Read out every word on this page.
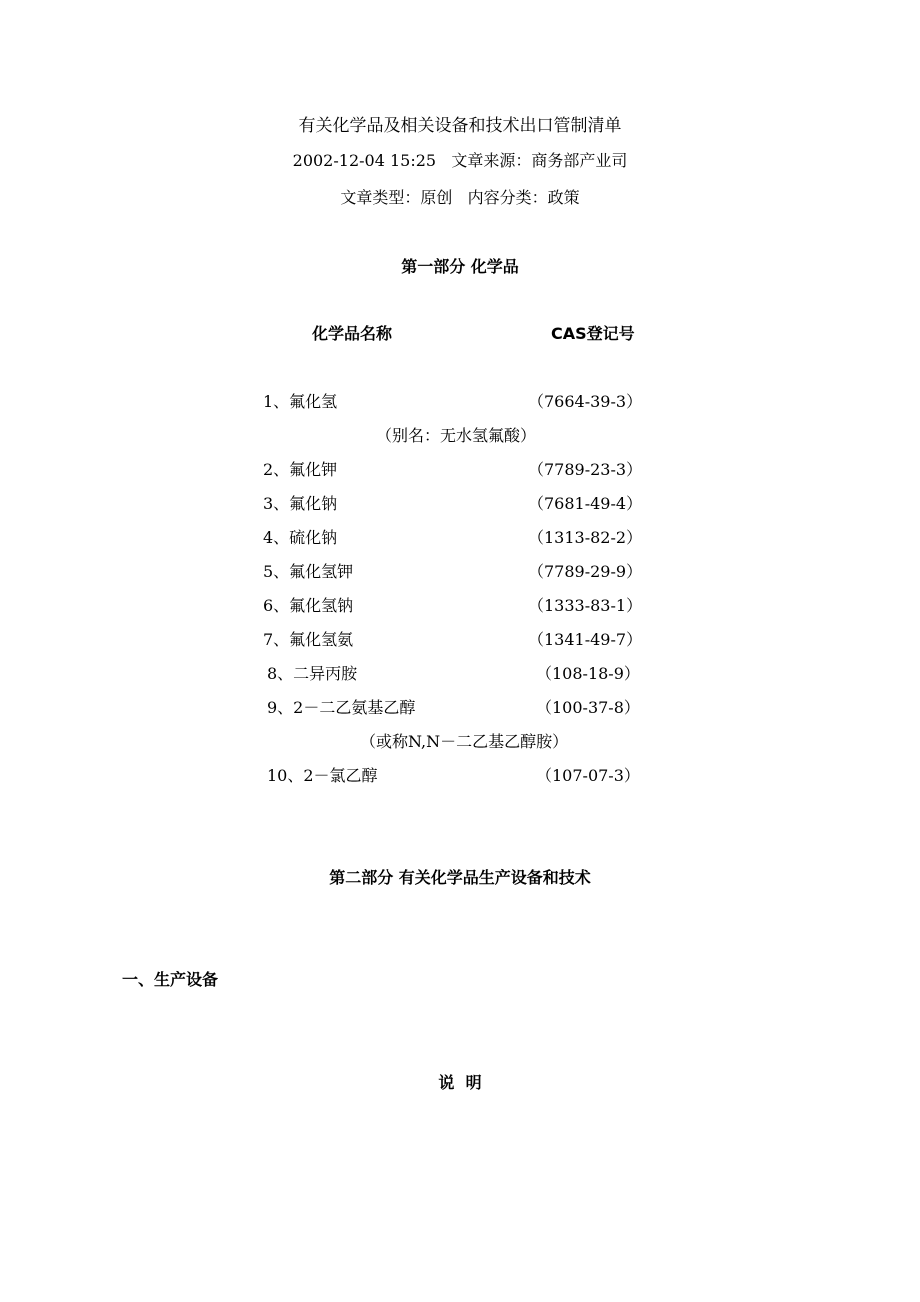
有关化学品及相关设备和技术出口管制清单
2002-12-04 15:25   文章来源：商务部产业司
文章类型：原创   内容分类：政策
第一部分 化学品
化学品名称	CAS登记号
1、氟化氢	（7664-39-3）
（别名：无水氢氟酸）
2、氟化钾	（7789-23-3）
3、氟化钠	（7681-49-4）
4、硫化钠	（1313-82-2）
5、氟化氢钾	（7789-29-9）
6、氟化氢钠	（1333-83-1）
7、氟化氢氨	（1341-49-7）
8、二异丙胺	（108-18-9）
9、2－二乙氨基乙醇	（100-37-8）
（或称N,N－二乙基乙醇胺）
10、2－氯乙醇	（107-07-3）
第二部分 有关化学品生产设备和技术
一、生产设备
说  明
